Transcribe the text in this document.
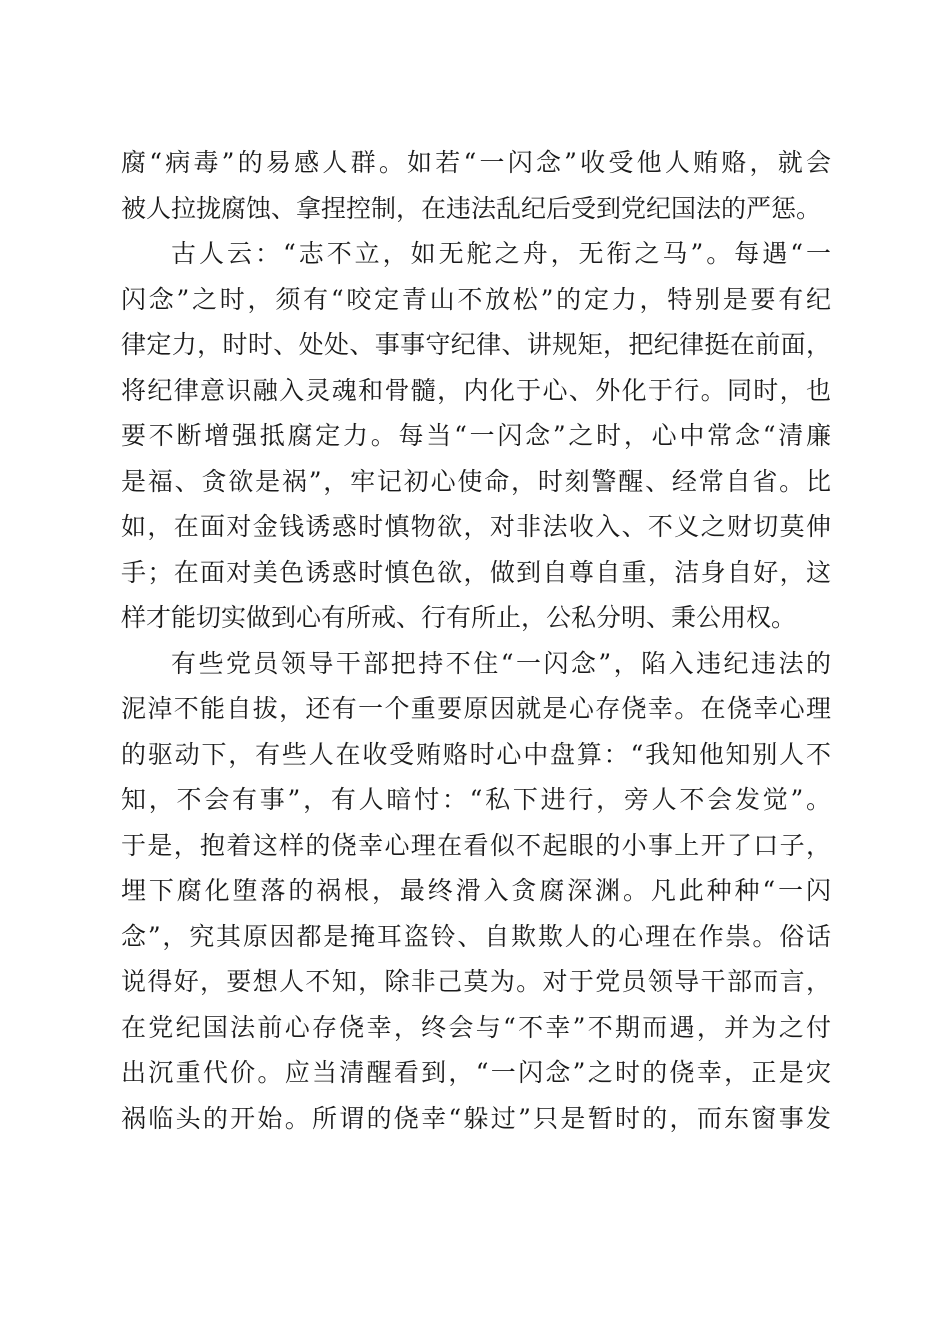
腐“病毒”的易感人群。如若“一闪念”收受他人贿赂，就会
被人拉拢腐蚀、拿捏控制，在违法乱纪后受到党纪国法的严惩。
古人云：“志不立，如无舵之舟，无衔之马”。每遇“一
闪念”之时，须有“咬定青山不放松”的定力，特别是要有纪
律定力，时时、处处、事事守纪律、讲规矩，把纪律挺在前面，
将纪律意识融入灵魂和骨髓，内化于心、外化于行。同时，也
要不断增强抵腐定力。每当“一闪念”之时，心中常念“清廉
是福、贪欲是祸”，牢记初心使命，时刻警醒、经常自省。比
如，在面对金钱诱惑时慎物欲，对非法收入、不义之财切莫伸
手；在面对美色诱惑时慎色欲，做到自尊自重，洁身自好，这
样才能切实做到心有所戒、行有所止，公私分明、秉公用权。
有些党员领导干部把持不住“一闪念”，陷入违纪违法的
泥淖不能自拔，还有一个重要原因就是心存侥幸。在侥幸心理
的驱动下，有些人在收受贿赂时心中盘算：“我知他知别人不
知，不会有事”，有人暗忖：“私下进行，旁人不会发觉”。
于是，抱着这样的侥幸心理在看似不起眼的小事上开了口子，
埋下腐化堕落的祸根，最终滑入贪腐深渊。凡此种种“一闪
念”，究其原因都是掩耳盗铃、自欺欺人的心理在作祟。俗话
说得好，要想人不知，除非己莫为。对于党员领导干部而言，
在党纪国法前心存侥幸，终会与“不幸”不期而遇，并为之付
出沉重代价。应当清醒看到，“一闪念”之时的侥幸，正是灾
祸临头的开始。所谓的侥幸“躲过”只是暂时的，而东窗事发
